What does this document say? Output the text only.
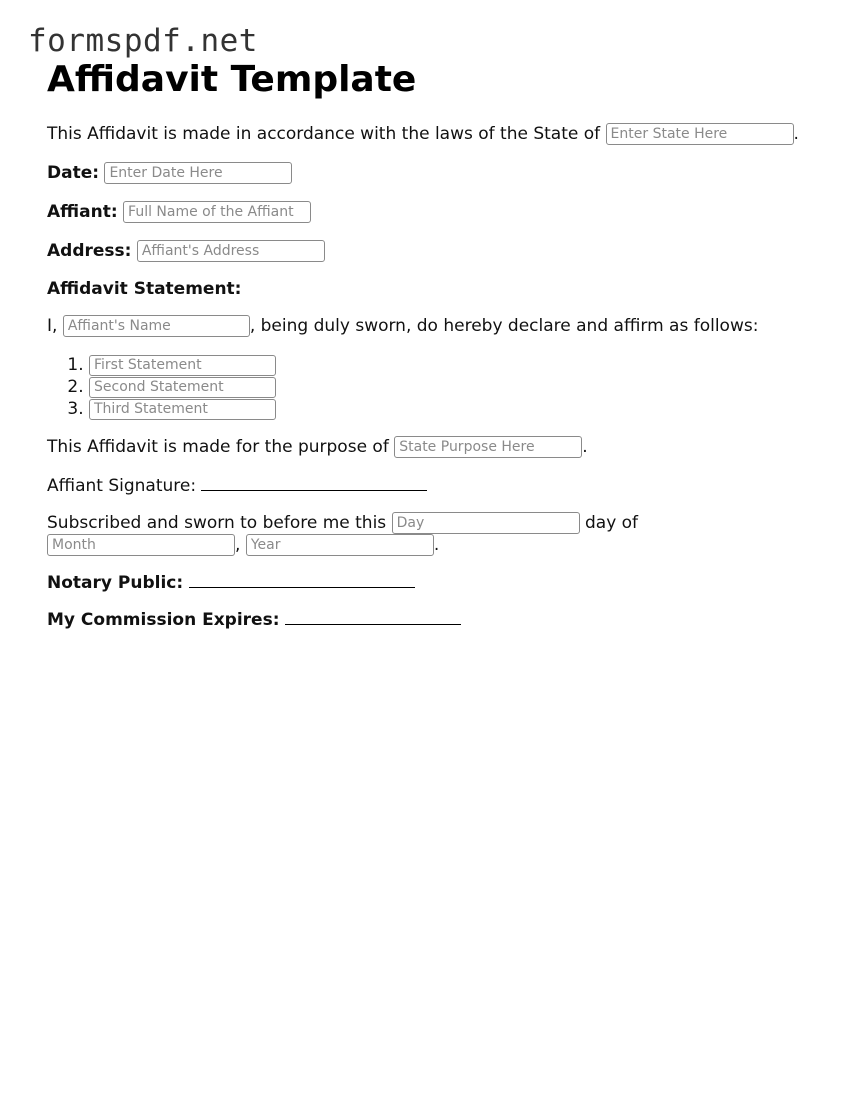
formspdf.net
Affidavit Template
This Affidavit is made in accordance with the laws of the State of Enter State Here	.
Date: Enter Date Here
Affiant: Full Name of the Affiant
Address: Affiant's Address
Affidavit Statement:
I, Affiant's Name	, being duly sworn, do hereby declare and affirm as follows:
1. First Statement
2. Second Statement
3. Third Statement
This Affidavit is made for the purpose of State Purpose Here	.
Affiant Signature:
Subscribed and sworn to before me this Day	day of
Month, Year	.
Notary Public:
My Commission Expires:
